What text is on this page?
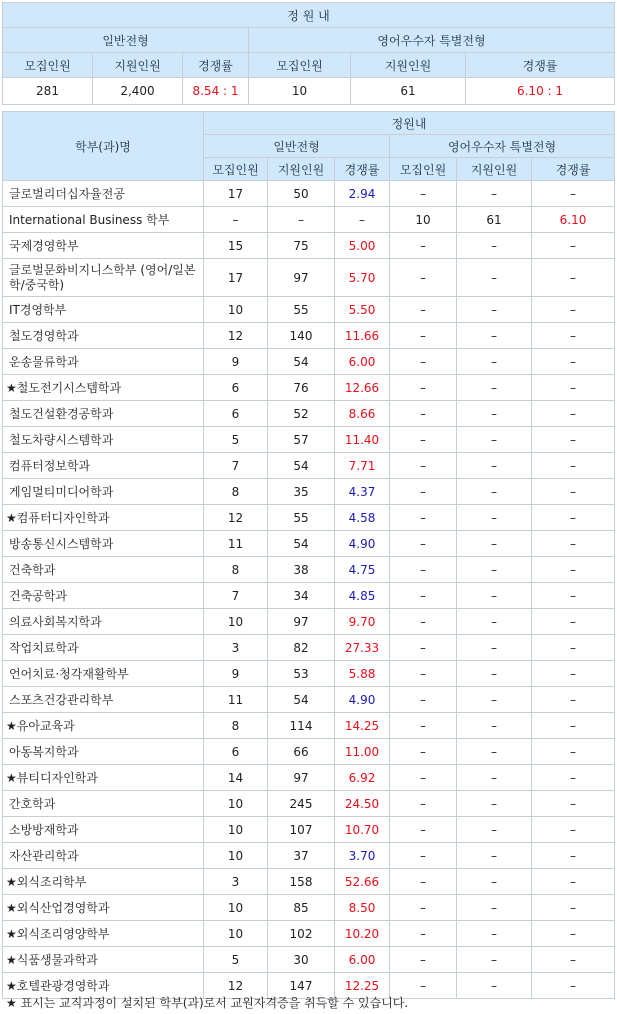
정 원 내					
일반전형			영어우수자 특별전형		
모집인원	지원인원	경쟁률	모집인원	지원인원	경쟁률
281	2,400	8.54 : 1	10	61	6.10 : 1
학부(과)명	정원내					
	일반전형			영어우수자 특별전형		
	모집인원	지원인원	경쟁률	모집인원	지원인원	경쟁률
글로벌리더십자율전공	17	50	2.94	–	–	–
International Business 학부	–	–	–	10	61	6.10
국제경영학부	15	75	5.00	–	–	–
글로벌문화비지니스학부 (영어/일본학/중국학)	17	97	5.70	–	–	–
IT경영학부	10	55	5.50	–	–	–
철도경영학과	12	140	11.66	–	–	–
운송물류학과	9	54	6.00	–	–	–
★철도전기시스템학과	6	76	12.66	–	–	–
철도건설환경공학과	6	52	8.66	–	–	–
철도차량시스템학과	5	57	11.40	–	–	–
컴퓨터정보학과	7	54	7.71	–	–	–
게임멀티미디어학과	8	35	4.37	–	–	–
★컴퓨터디자인학과	12	55	4.58	–	–	–
방송통신시스템학과	11	54	4.90	–	–	–
건축학과	8	38	4.75	–	–	–
건축공학과	7	34	4.85	–	–	–
의료사회복지학과	10	97	9.70	–	–	–
작업치료학과	3	82	27.33	–	–	–
언어치료·청각재활학부	9	53	5.88	–	–	–
스포츠건강관리학부	11	54	4.90	–	–	–
★유아교육과	8	114	14.25	–	–	–
아동복지학과	6	66	11.00	–	–	–
★뷰티디자인학과	14	97	6.92	–	–	–
간호학과	10	245	24.50	–	–	–
소방방재학과	10	107	10.70	–	–	–
자산관리학과	10	37	3.70	–	–	–
★외식조리학부	3	158	52.66	–	–	–
★외식산업경영학과	10	85	8.50	–	–	–
★외식조리영양학부	10	102	10.20	–	–	–
★식품생물과학과	5	30	6.00	–	–	–
★호텔관광경영학과	12	147	12.25	–	–	–
★ 표시는 교직과정이 설치된 학부(과)로서 교원자격증을 취득할 수 있습니다.
